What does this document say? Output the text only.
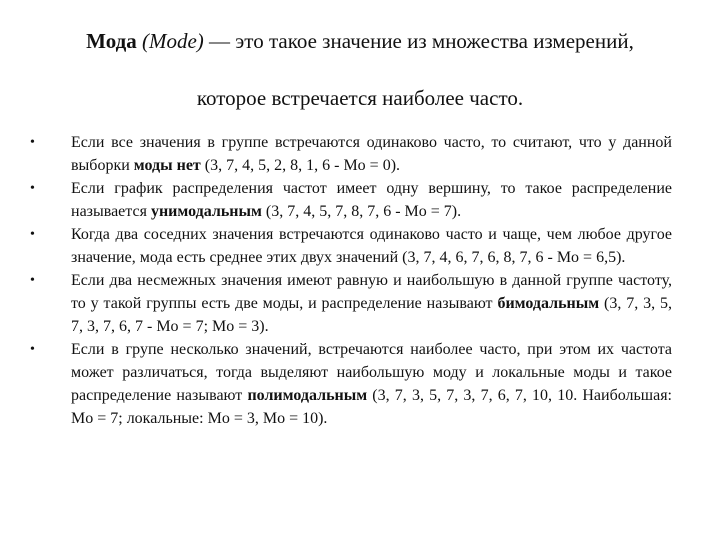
Мода (Mode) — это такое значение из множества измерений,
которое встречается наиболее часто.
• Если все значения в группе встречаются одинаково часто, то считают, что у данной выборки моды нет (3, 7, 4, 5, 2, 8, 1, 6 - Mo = 0).
• Если график распределения частот имеет одну вершину, то такое распределение называется унимодальным (3, 7, 4, 5, 7, 8, 7, 6 - Mo = 7).
• Когда два соседних значения встречаются одинаково часто и чаще, чем любое другое значение, мода есть среднее этих двух значений (3, 7, 4, 6, 7, 6, 8, 7, 6 - Mo = 6,5).
• Если два несмежных значения имеют равную и наибольшую в данной группе частоту, то у такой группы есть две моды, и распределение называют бимодальным (3, 7, 3, 5, 7, 3, 7, 6, 7 - Mo = 7; Mo = 3).
• Если в групе несколько значений, встречаются наиболее часто, при этом их частота может различаться, тогда выделяют наибольшую моду и локальные моды и такое распределение называют полимодальным (3, 7, 3, 5, 7, 3, 7, 6, 7, 10, 10. Наибольшая: Mo = 7; локальные: Mo = 3, Mo = 10).
